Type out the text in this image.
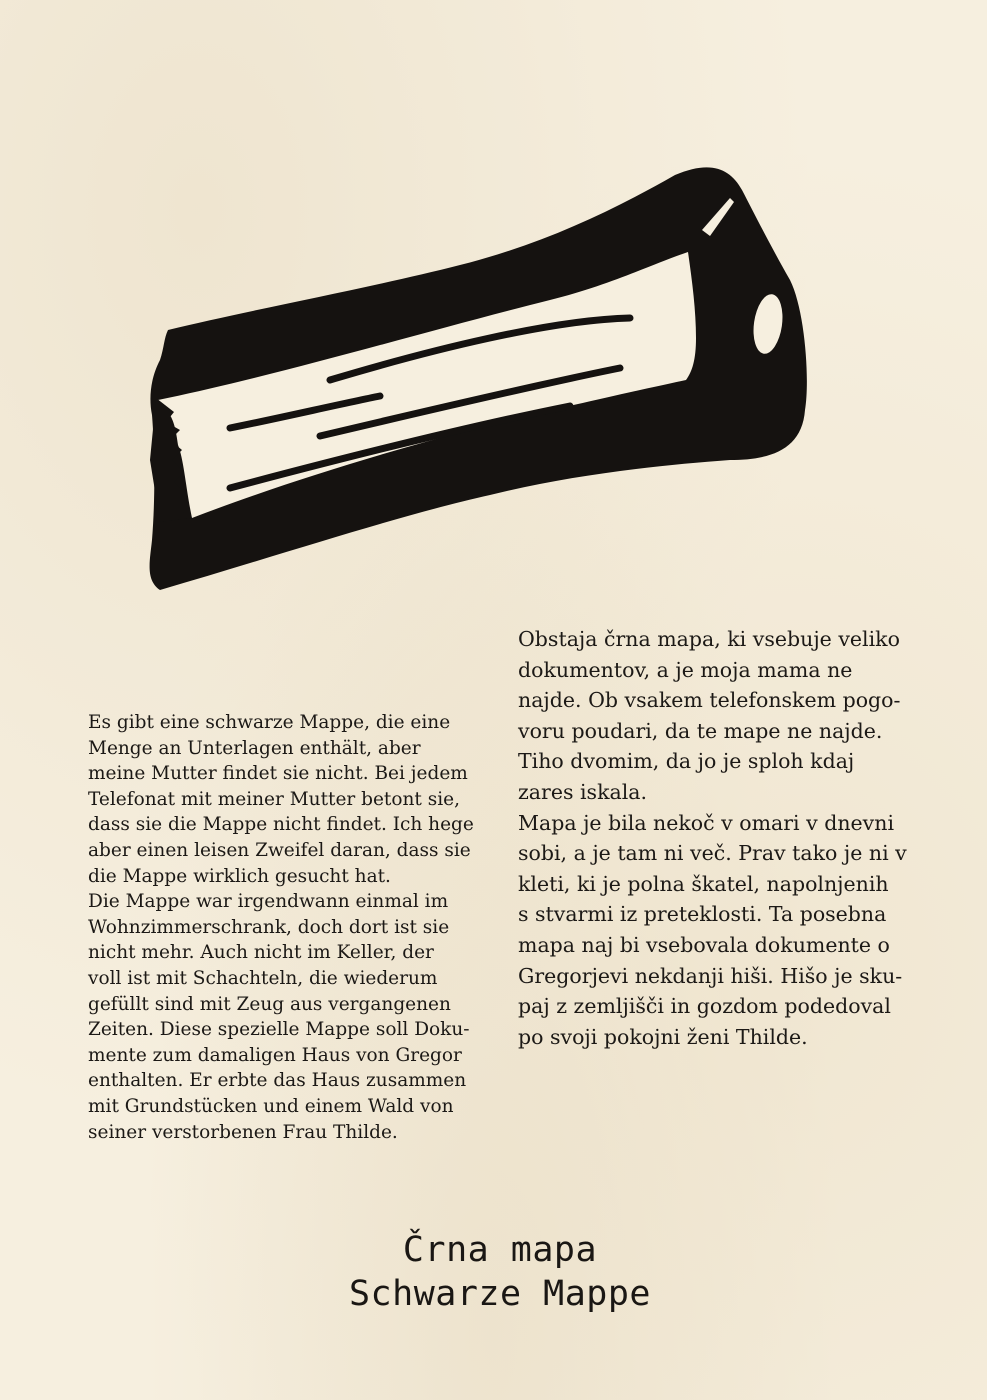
Es gibt eine schwarze Mappe, die eine
Menge an Unterlagen enthält, aber
meine Mutter findet sie nicht. Bei jedem
Telefonat mit meiner Mutter betont sie,
dass sie die Mappe nicht findet. Ich hege
aber einen leisen Zweifel daran, dass sie
die Mappe wirklich gesucht hat.
Die Mappe war irgendwann einmal im
Wohnzimmerschrank, doch dort ist sie
nicht mehr. Auch nicht im Keller, der
voll ist mit Schachteln, die wiederum
gefüllt sind mit Zeug aus vergangenen
Zeiten. Diese spezielle Mappe soll Doku-
mente zum damaligen Haus von Gregor
enthalten. Er erbte das Haus zusammen
mit Grundstücken und einem Wald von
seiner verstorbenen Frau Thilde.

Obstaja črna mapa, ki vsebuje veliko
dokumentov, a je moja mama ne
najde. Ob vsakem telefonskem pogo-
voru poudari, da te mape ne najde.
Tiho dvomim, da jo je sploh kdaj
zares iskala.
Mapa je bila nekoč v omari v dnevni
sobi, a je tam ni več. Prav tako je ni v
kleti, ki je polna škatel, napolnjenih
s stvarmi iz preteklosti. Ta posebna
mapa naj bi vsebovala dokumente o
Gregorjevi nekdanji hiši. Hišo je sku-
paj z zemljišči in gozdom podedoval
po svoji pokojni ženi Thilde.

Črna mapa
Schwarze Mappe
